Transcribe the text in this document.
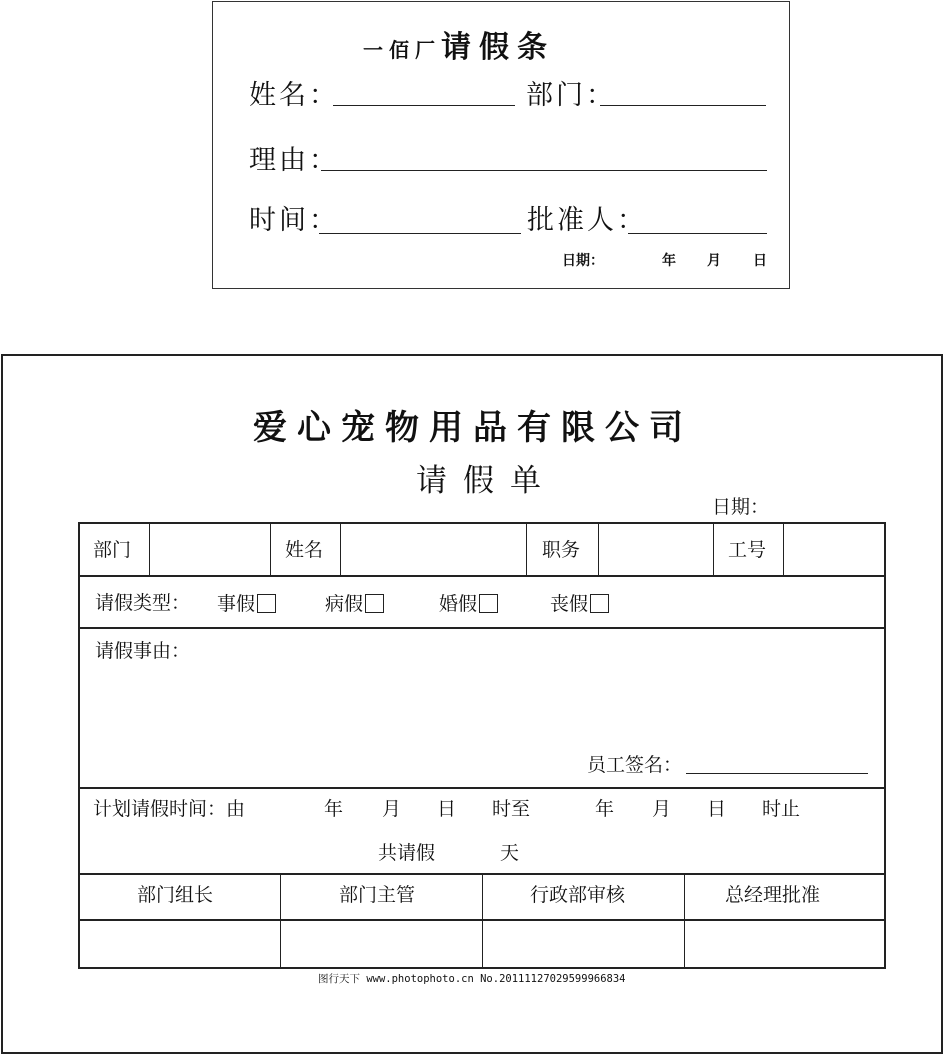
一佰厂请假条
姓名：	部门：
理由：
时间：	批准人：
日期：	年 月 日
爱心宠物用品有限公司
请假单
日期：
部门	姓名	职务	工号
请假类型： 事假	病假	婚假	丧假
请假事由：
员工签名：
计划请假时间：由	年 月 日 时至	年 月 日 时止
共请假	天
部门组长	部门主管	行政部审核	总经理批准
图行天下 www.photophoto.cn No.20111127029599966834
